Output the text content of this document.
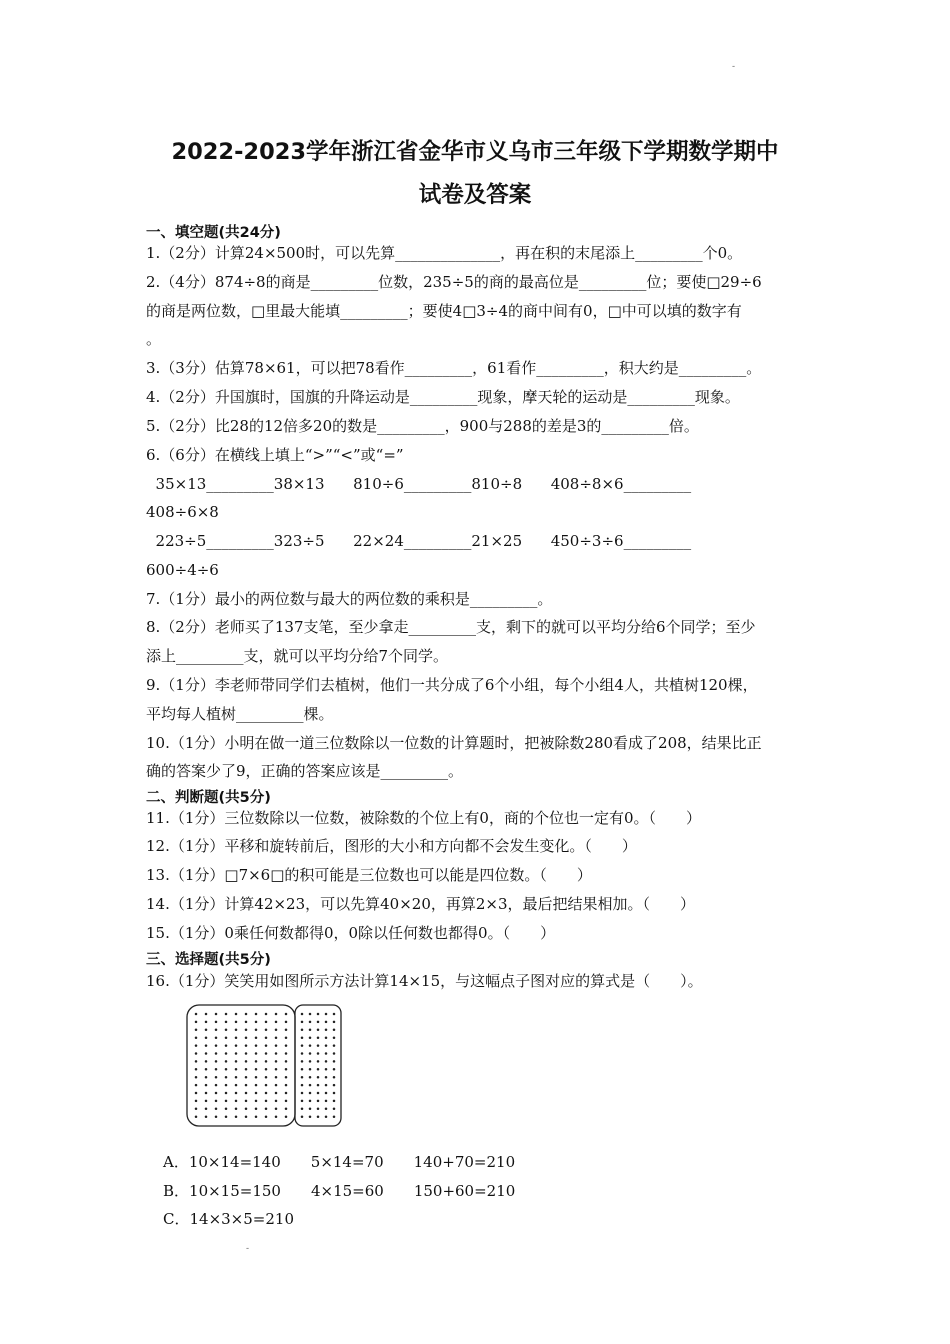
-
2022-2023学年浙江省金华市义乌市三年级下学期数学期中
试卷及答案
一、填空题(共24分)
1.（2分）计算24×500时，可以先算______________，再在积的末尾添上_________个0。
2.（4分）874÷8的商是_________位数，235÷5的商的最高位是_________位；要使□29÷6
的商是两位数，□里最大能填_________；要使4□3÷4的商中间有0，□中可以填的数字有
。
3.（3分）估算78×61，可以把78看作_________，61看作_________，积大约是_________。
4.（2分）升国旗时，国旗的升降运动是_________现象，摩天轮的运动是_________现象。
5.（2分）比28的12倍多20的数是_________，900与288的差是3的_________倍。
6.（6分）在横线上填上“>”“<”或“=”
35×13_________38×13      810÷6_________810÷8      408÷8×6_________
408÷6×8
223÷5_________323÷5      22×24_________21×25      450÷3÷6_________
600÷4÷6
7.（1分）最小的两位数与最大的两位数的乘积是_________。
8.（2分）老师买了137支笔，至少拿走_________支，剩下的就可以平均分给6个同学；至少
添上_________支，就可以平均分给7个同学。
9.（1分）李老师带同学们去植树，他们一共分成了6个小组，每个小组4人，共植树120棵，
平均每人植树_________棵。
10.（1分）小明在做一道三位数除以一位数的计算题时，把被除数280看成了208，结果比正
确的答案少了9，正确的答案应该是_________。
二、判断题(共5分)
11.（1分）三位数除以一位数，被除数的个位上有0，商的个位也一定有0。（　　）
12.（1分）平移和旋转前后，图形的大小和方向都不会发生变化。（　　）
13.（1分）□7×6□的积可能是三位数也可以能是四位数。（　　）
14.（1分）计算42×23，可以先算40×20，再算2×3，最后把结果相加。（　　）
15.（1分）0乘任何数都得0，0除以任何数也都得0。（　　）
三、选择题(共5分)
16.（1分）笑笑用如图所示方法计算14×15，与这幅点子图对应的算式是（　　）。
A．10×14=140　　5×14=70　　140+70=210
B．10×15=150　　4×15=60　　150+60=210
C．14×3×5=210
-
